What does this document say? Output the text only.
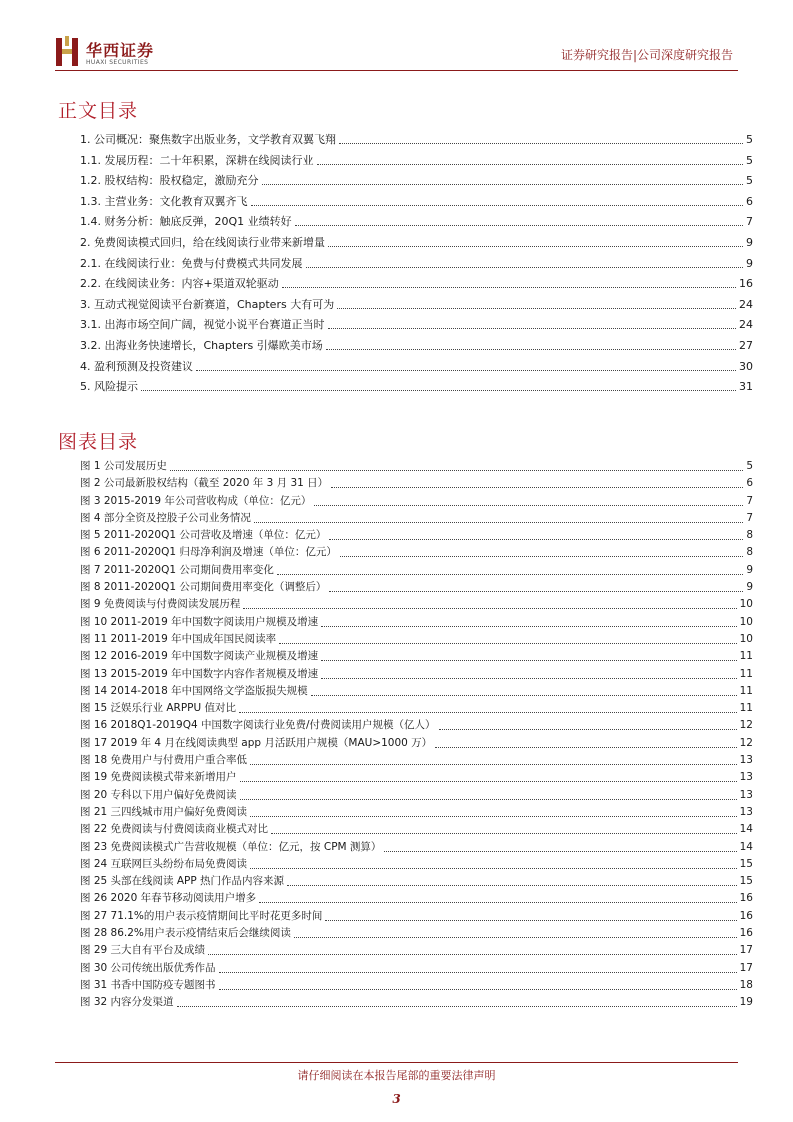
华西证券
HUAXI SECURITIES
证券研究报告|公司深度研究报告
正文目录
1. 公司概况：聚焦数字出版业务，文学教育双翼飞翔	5
1.1. 发展历程：二十年积累，深耕在线阅读行业	5
1.2. 股权结构：股权稳定，激励充分	5
1.3. 主营业务：文化教育双翼齐飞	6
1.4. 财务分析：触底反弹，20Q1 业绩转好	7
2. 免费阅读模式回归，给在线阅读行业带来新增量	9
2.1. 在线阅读行业：免费与付费模式共同发展	9
2.2. 在线阅读业务：内容+渠道双轮驱动	16
3. 互动式视觉阅读平台新赛道，Chapters 大有可为	24
3.1. 出海市场空间广阔，视觉小说平台赛道正当时	24
3.2. 出海业务快速增长，Chapters 引爆欧美市场	27
4. 盈利预测及投资建议	30
5. 风险提示	31
图表目录
图 1 公司发展历史	5
图 2 公司最新股权结构（截至 2020 年 3 月 31 日）	6
图 3 2015-2019 年公司营收构成（单位：亿元）	7
图 4 部分全资及控股子公司业务情况	7
图 5 2011-2020Q1 公司营收及增速（单位：亿元）	8
图 6 2011-2020Q1 归母净利润及增速（单位：亿元）	8
图 7 2011-2020Q1 公司期间费用率变化	9
图 8 2011-2020Q1 公司期间费用率变化（调整后）	9
图 9 免费阅读与付费阅读发展历程	10
图 10 2011-2019 年中国数字阅读用户规模及增速	10
图 11 2011-2019 年中国成年国民阅读率	10
图 12 2016-2019 年中国数字阅读产业规模及增速	11
图 13 2015-2019 年中国数字内容作者规模及增速	11
图 14 2014-2018 年中国网络文学盗版损失规模	11
图 15 泛娱乐行业 ARPPU 值对比	11
图 16 2018Q1-2019Q4 中国数字阅读行业免费/付费阅读用户规模（亿人）	12
图 17 2019 年 4 月在线阅读典型 app 月活跃用户规模（MAU>1000 万）	12
图 18 免费用户与付费用户重合率低	13
图 19 免费阅读模式带来新增用户	13
图 20 专科以下用户偏好免费阅读	13
图 21 三四线城市用户偏好免费阅读	13
图 22 免费阅读与付费阅读商业模式对比	14
图 23 免费阅读模式广告营收规模（单位：亿元，按 CPM 测算）	14
图 24 互联网巨头纷纷布局免费阅读	15
图 25 头部在线阅读 APP 热门作品内容来源	15
图 26 2020 年春节移动阅读用户增多	16
图 27 71.1%的用户表示疫情期间比平时花更多时间	16
图 28 86.2%用户表示疫情结束后会继续阅读	16
图 29 三大自有平台及成绩	17
图 30 公司传统出版优秀作品	17
图 31 书香中国防疫专题图书	18
图 32 内容分发渠道	19
请仔细阅读在本报告尾部的重要法律声明
3
